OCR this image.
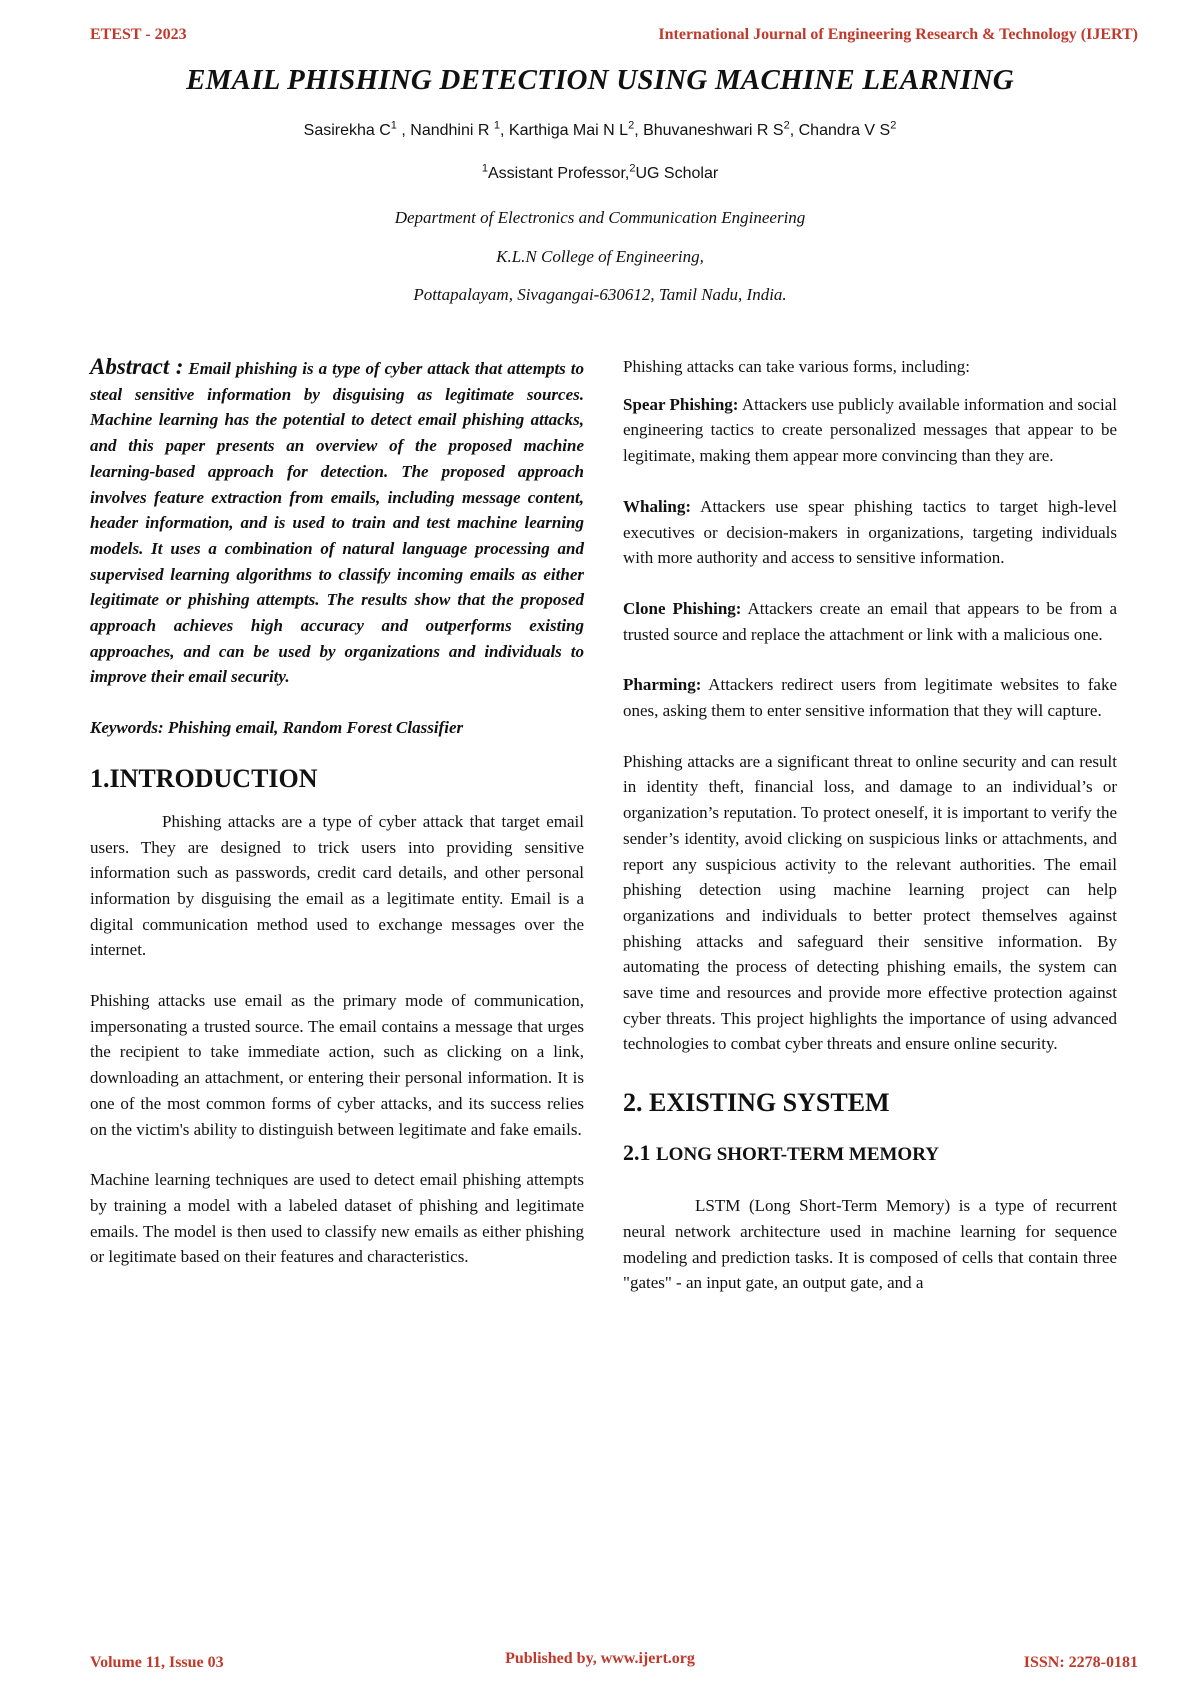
ETEST - 2023	International Journal of Engineering Research & Technology (IJERT)
EMAIL PHISHING DETECTION USING MACHINE LEARNING
Sasirekha $C^1$ , Nandhini R $^1$, Karthiga Mai N $L^2$, Bhuvaneshwari R $S^2$, Chandra V $S^2$
$^1$Assistant Professor,$^2$UG Scholar
Department of Electronics and Communication Engineering
K.L.N College of Engineering,
Pottapalayam, Sivagangai-630612, Tamil Nadu, India.

Abstract : Email phishing is a type of cyber attack that attempts to steal sensitive information by disguising as legitimate sources. Machine learning has the potential to detect email phishing attacks, and this paper presents an overview of the proposed machine learning-based approach for detection. The proposed approach involves feature extraction from emails, including message content, header information, and is used to train and test machine learning models. It uses a combination of natural language processing and supervised learning algorithms to classify incoming emails as either legitimate or phishing attempts. The results show that the proposed approach achieves high accuracy and outperforms existing approaches, and can be used by organizations and individuals to improve their email security.

Keywords: Phishing email, Random Forest Classifier

1.INTRODUCTION

Phishing attacks are a type of cyber attack that target email users. They are designed to trick users into providing sensitive information such as passwords, credit card details, and other personal information by disguising the email as a legitimate entity. Email is a digital communication method used to exchange messages over the internet.

Phishing attacks use email as the primary mode of communication, impersonating a trusted source. The email contains a message that urges the recipient to take immediate action, such as clicking on a link, downloading an attachment, or entering their personal information. It is one of the most common forms of cyber attacks, and its success relies on the victim's ability to distinguish between legitimate and fake emails.

Machine learning techniques are used to detect email phishing attempts by training a model with a labeled dataset of phishing and legitimate emails. The model is then used to classify new emails as either phishing or legitimate based on their features and characteristics.

Phishing attacks can take various forms, including:

Spear Phishing: Attackers use publicly available information and social engineering tactics to create personalized messages that appear to be legitimate, making them appear more convincing than they are.

Whaling: Attackers use spear phishing tactics to target high-level executives or decision-makers in organizations, targeting individuals with more authority and access to sensitive information.

Clone Phishing: Attackers create an email that appears to be from a trusted source and replace the attachment or link with a malicious one.

Pharming: Attackers redirect users from legitimate websites to fake ones, asking them to enter sensitive information that they will capture.

Phishing attacks are a significant threat to online security and can result in identity theft, financial loss, and damage to an individual’s or organization’s reputation. To protect oneself, it is important to verify the sender’s identity, avoid clicking on suspicious links or attachments, and report any suspicious activity to the relevant authorities. The email phishing detection using machine learning project can help organizations and individuals to better protect themselves against phishing attacks and safeguard their sensitive information. By automating the process of detecting phishing emails, the system can save time and resources and provide more effective protection against cyber threats. This project highlights the importance of using advanced technologies to combat cyber threats and ensure online security.

2. EXISTING SYSTEM
2.1 LONG SHORT-TERM MEMORY

LSTM (Long Short-Term Memory) is a type of recurrent neural network architecture used in machine learning for sequence modeling and prediction tasks. It is composed of cells that contain three "gates" - an input gate, an output gate, and a

Volume 11, Issue 03	Published by, www.ijert.org	ISSN: 2278-0181
